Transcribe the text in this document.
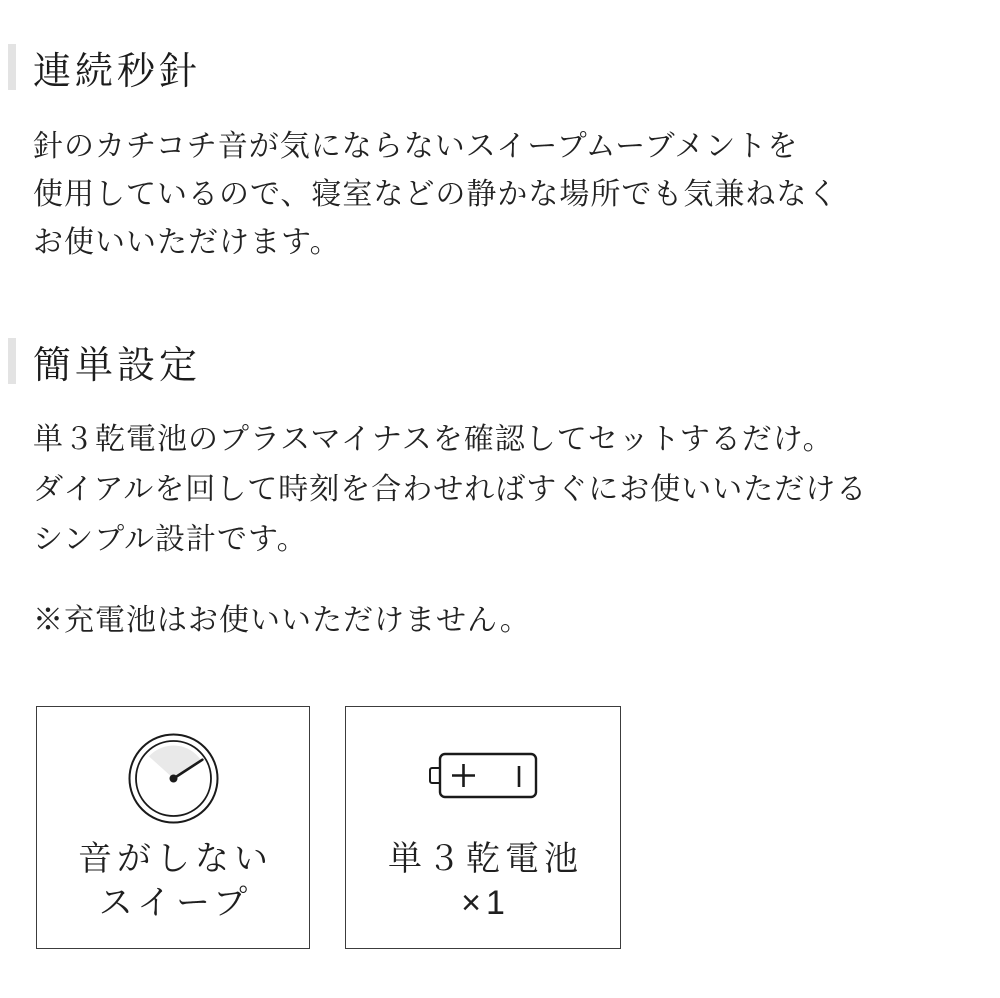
連続秒針
針のカチコチ音が気にならないスイープムーブメントを
使用しているので、寝室などの静かな場所でも気兼ねなく
お使いいただけます。
簡単設定
単３乾電池のプラスマイナスを確認してセットするだけ。
ダイアルを回して時刻を合わせればすぐにお使いいただける
シンプル設計です。
※充電池はお使いいただけません。
音がしない
スイープ
単３乾電池
×1
